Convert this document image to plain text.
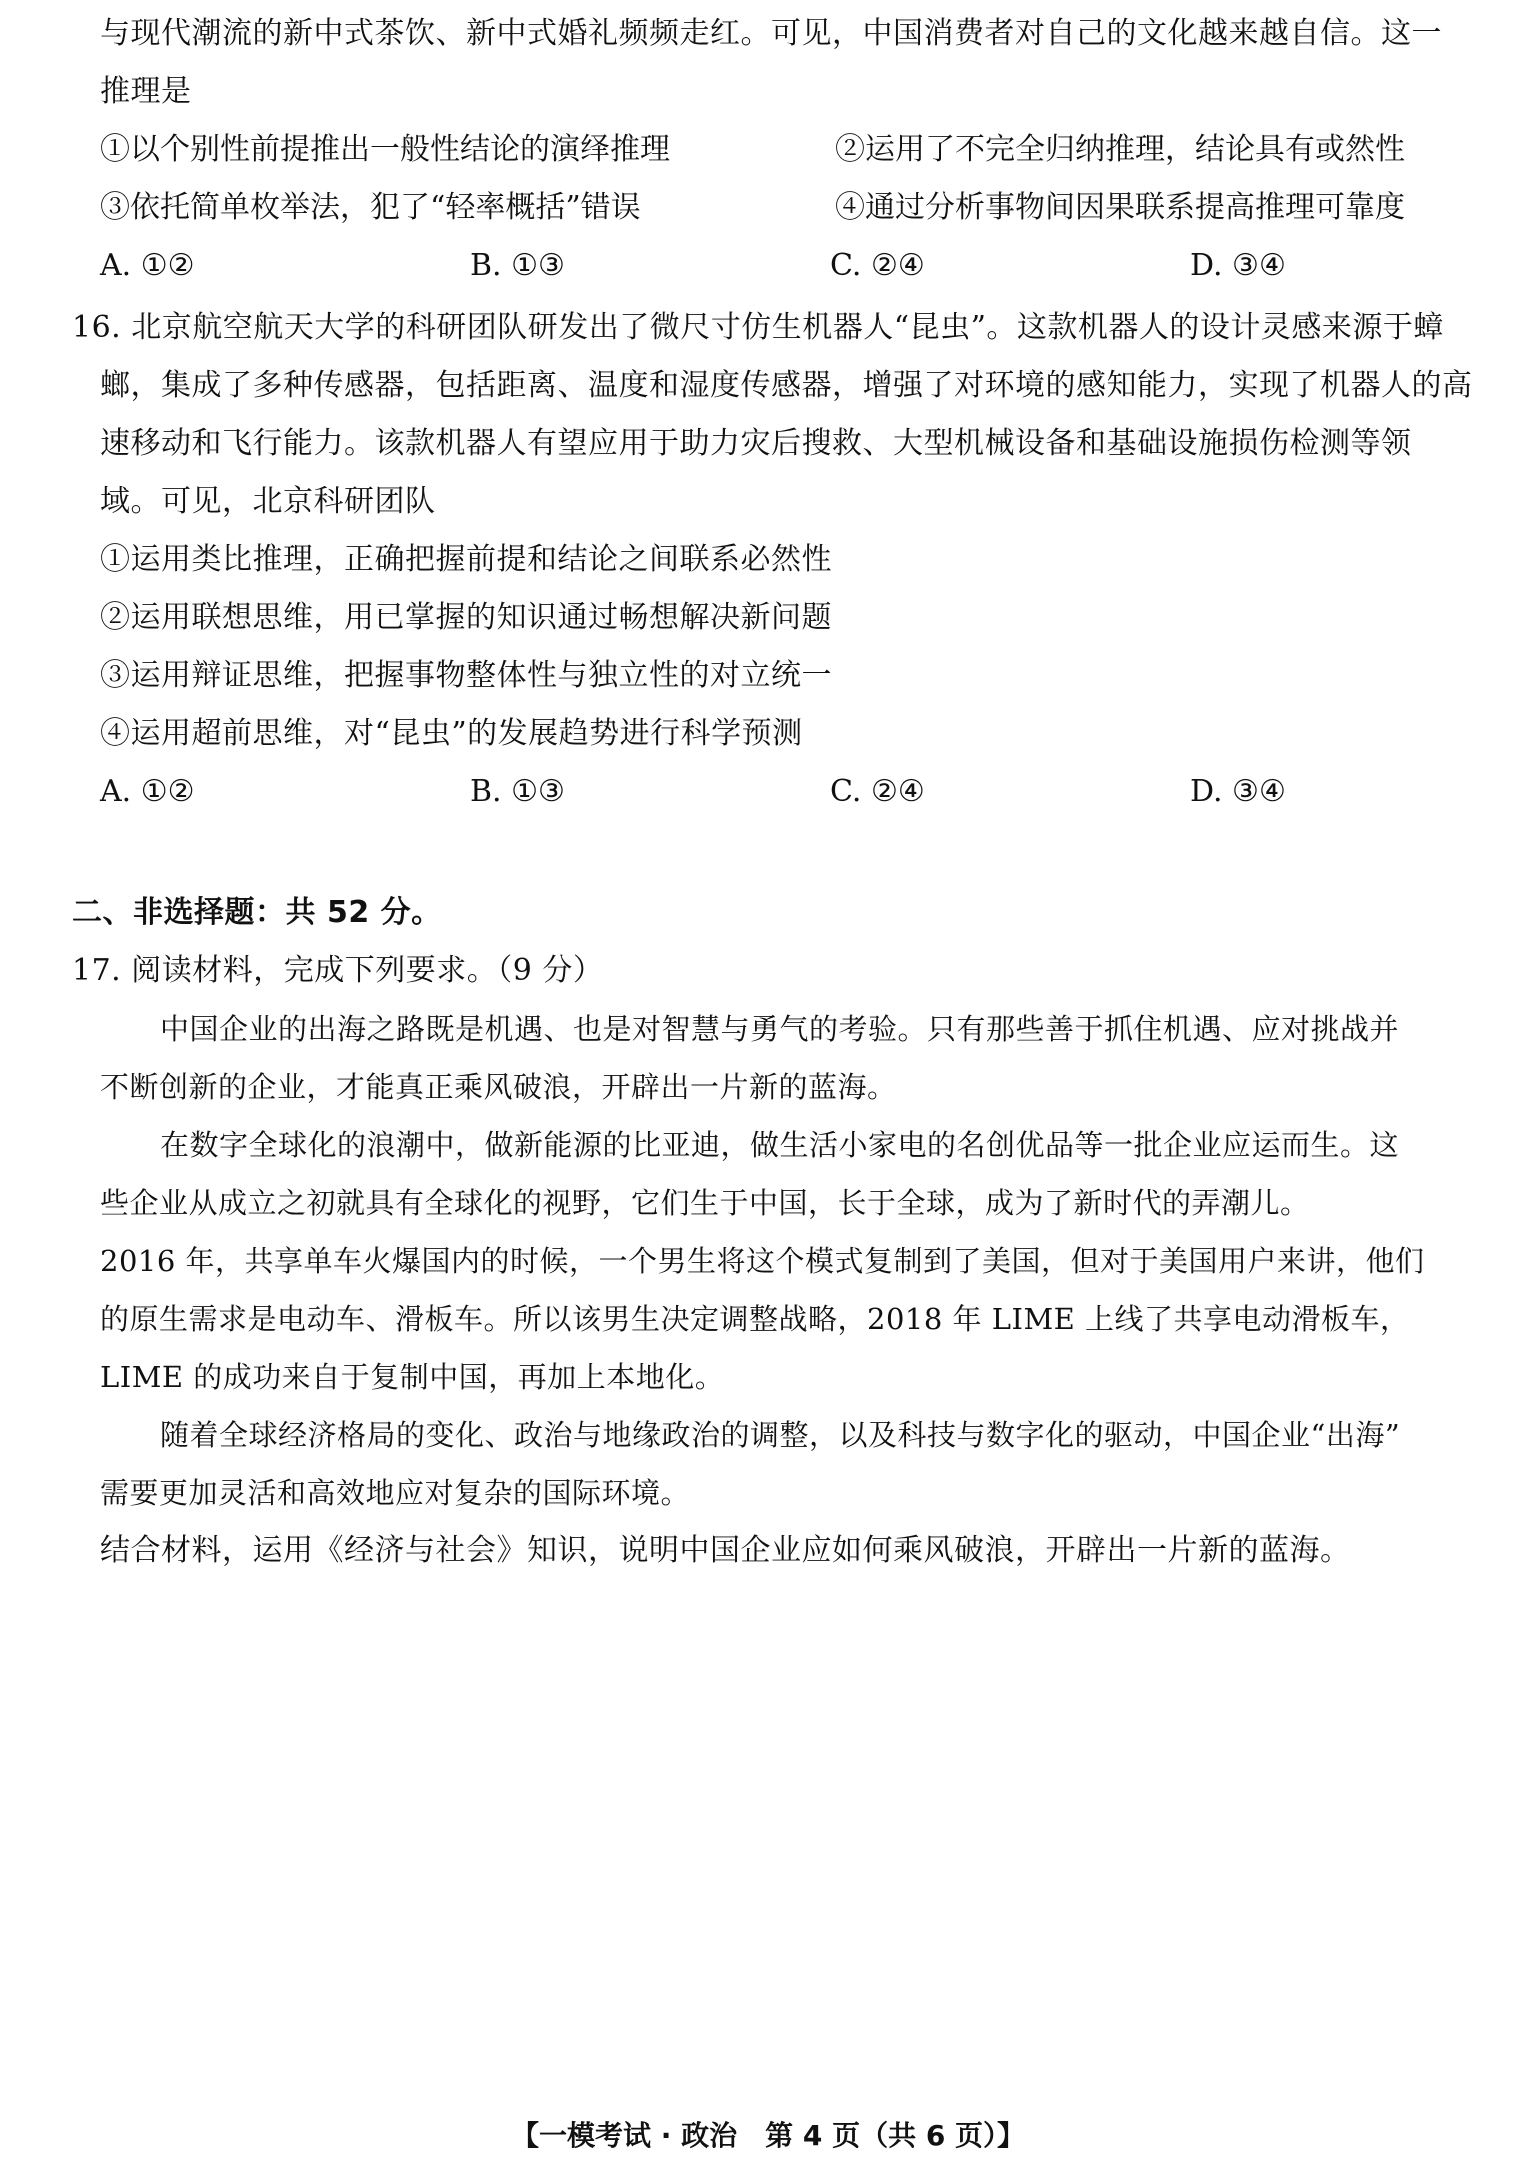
与现代潮流的新中式茶饮、新中式婚礼频频走红。可见，中国消费者对自己的文化越来越自信。这一
推理是
①以个别性前提推出一般性结论的演绎推理	②运用了不完全归纳推理，结论具有或然性
③依托简单枚举法，犯了“轻率概括”错误	④通过分析事物间因果联系提高推理可靠度
A. ①②	B. ①③	C. ②④	D. ③④
16. 北京航空航天大学的科研团队研发出了微尺寸仿生机器人“昆虫”。这款机器人的设计灵感来源于蟑
螂，集成了多种传感器，包括距离、温度和湿度传感器，增强了对环境的感知能力，实现了机器人的高
速移动和飞行能力。该款机器人有望应用于助力灾后搜救、大型机械设备和基础设施损伤检测等领
域。可见，北京科研团队
①运用类比推理，正确把握前提和结论之间联系必然性
②运用联想思维，用已掌握的知识通过畅想解决新问题
③运用辩证思维，把握事物整体性与独立性的对立统一
④运用超前思维，对“昆虫”的发展趋势进行科学预测
A. ①②	B. ①③	C. ②④	D. ③④
二、非选择题：共 52 分。
17. 阅读材料，完成下列要求。（9 分）
中国企业的出海之路既是机遇、也是对智慧与勇气的考验。只有那些善于抓住机遇、应对挑战并
不断创新的企业，才能真正乘风破浪，开辟出一片新的蓝海。
在数字全球化的浪潮中，做新能源的比亚迪，做生活小家电的名创优品等一批企业应运而生。这
些企业从成立之初就具有全球化的视野，它们生于中国，长于全球，成为了新时代的弄潮儿。
2016 年，共享单车火爆国内的时候，一个男生将这个模式复制到了美国，但对于美国用户来讲，他们
的原生需求是电动车、滑板车。所以该男生决定调整战略，2018 年 LIME 上线了共享电动滑板车，
LIME 的成功来自于复制中国，再加上本地化。
随着全球经济格局的变化、政治与地缘政治的调整，以及科技与数字化的驱动，中国企业“出海”
需要更加灵活和高效地应对复杂的国际环境。
结合材料，运用《经济与社会》知识，说明中国企业应如何乘风破浪，开辟出一片新的蓝海。
【一模考试 · 政治　第 4 页（共 6 页）】
